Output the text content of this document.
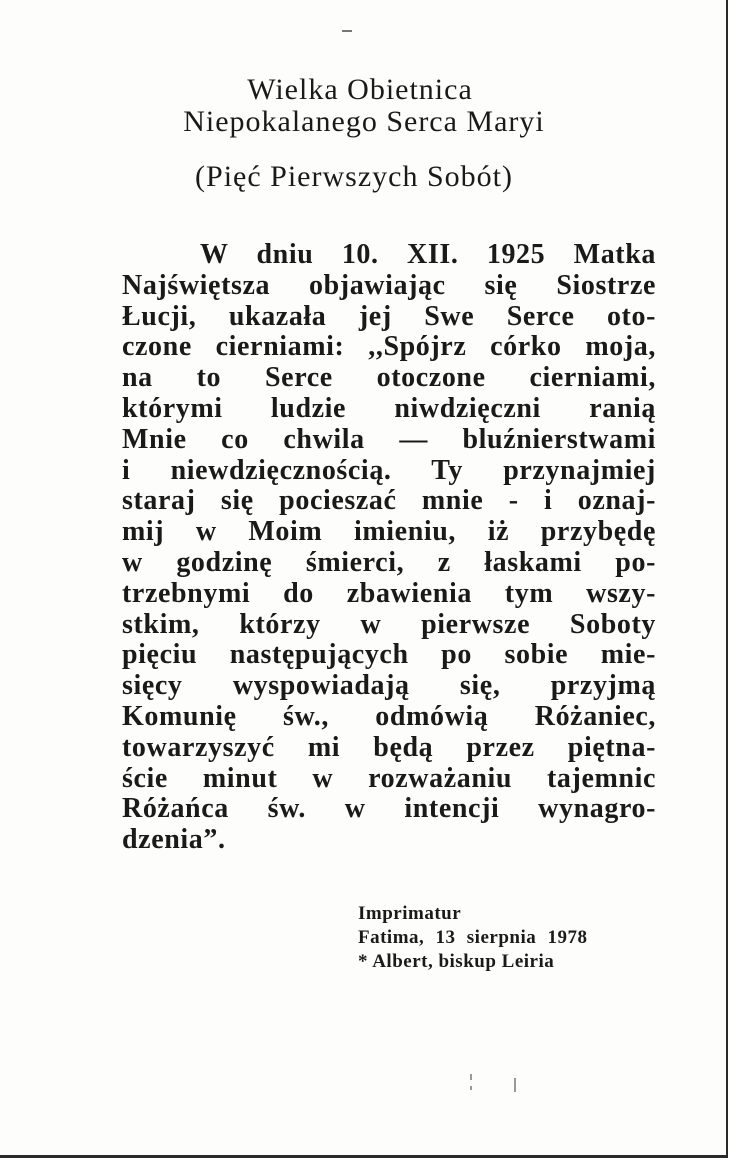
Wielka Obietnica
Niepokalanego Serca Maryi
(Pięć Pierwszych Sobót)
W dniu 10. XII. 1925 Matka
Najświętsza objawiając się Siostrze
Łucji, ukazała jej Swe Serce oto-
czone cierniami: ,,Spójrz córko moja,
na to Serce otoczone cierniami,
którymi ludzie niwdzięczni ranią
Mnie co chwila — bluźnierstwami
i niewdzięcznością. Ty przynajmiej
staraj się pocieszać mnie - i oznaj-
mij w Moim imieniu, iż przybędę
w godzinę śmierci, z łaskami po-
trzebnymi do zbawienia tym wszy-
stkim, którzy w pierwsze Soboty
pięciu następujących po sobie mie-
sięcy wyspowiadają się, przyjmą
Komunię św., odmówią Różaniec,
towarzyszyć mi będą przez piętna-
ście minut w rozważaniu tajemnic
Różańca św. w intencji wynagro-
dzenia”.
Imprimatur
Fatima, 13 sierpnia 1978
* Albert, biskup Leiria
